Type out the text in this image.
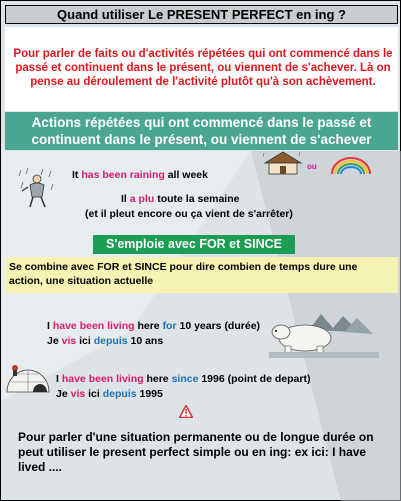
Quand utiliser Le PRESENT PERFECT en ing ?
Pour parler de faits ou d'activités répétées qui ont commencé dans le passé et continuent dans le présent, ou viennent de s'achever. Là on pense au déroulement de l'activité plutôt qu'à son achèvement.
Actions répétées qui ont commencé dans le passé et continuent dans le présent, ou viennent de s'achever
It has been raining all week
ou
Il a plu toute la semaine
(et il pleut encore ou ça vient de s'arrêter)
S'emploie avec FOR et SINCE
Se combine avec FOR et SINCE pour dire combien de temps dure une action, une situation actuelle
I have been living here for 10 years (durée)
Je vis ici depuis 10 ans
I have been living here since 1996 (point de depart)
Je vis ici depuis 1995
Pour parler d'une situation permanente ou de longue durée on peut utiliser le present perfect simple ou en ing: ex ici: I have lived ....
